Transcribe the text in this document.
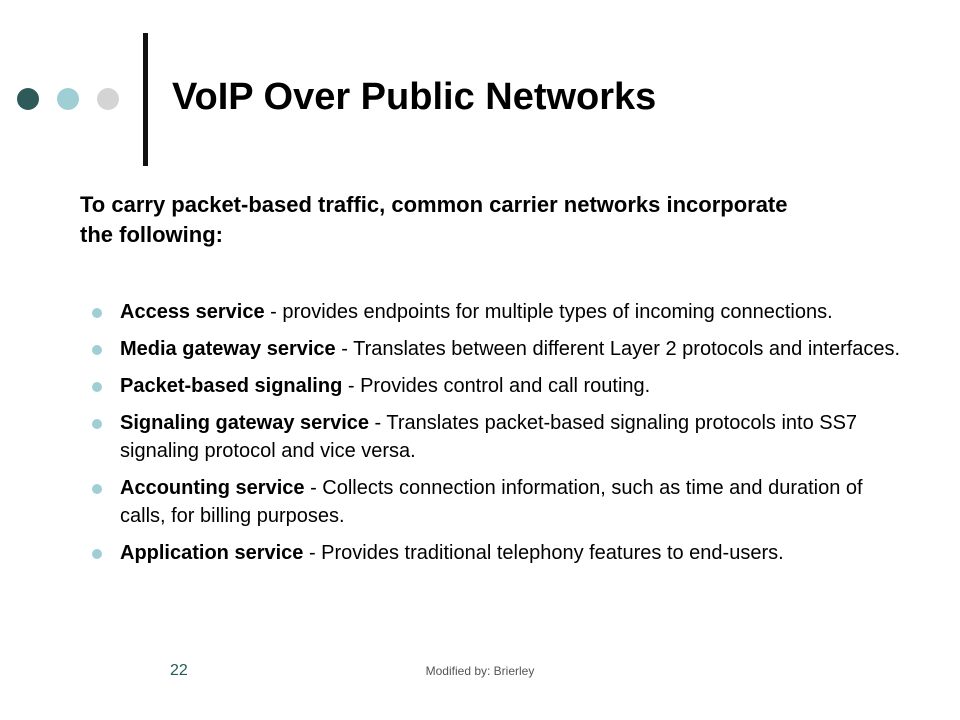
VoIP Over Public Networks

To carry packet-based traffic, common carrier networks incorporate the following:

Access service - provides endpoints for multiple types of incoming connections.
Media gateway service - Translates between different Layer 2 protocols and interfaces.
Packet-based signaling - Provides control and call routing.
Signaling gateway service - Translates packet-based signaling protocols into SS7 signaling protocol and vice versa.
Accounting service - Collects connection information, such as time and duration of calls, for billing purposes.
Application service - Provides traditional telephony features to end-users.
22	Modified by: Brierley
